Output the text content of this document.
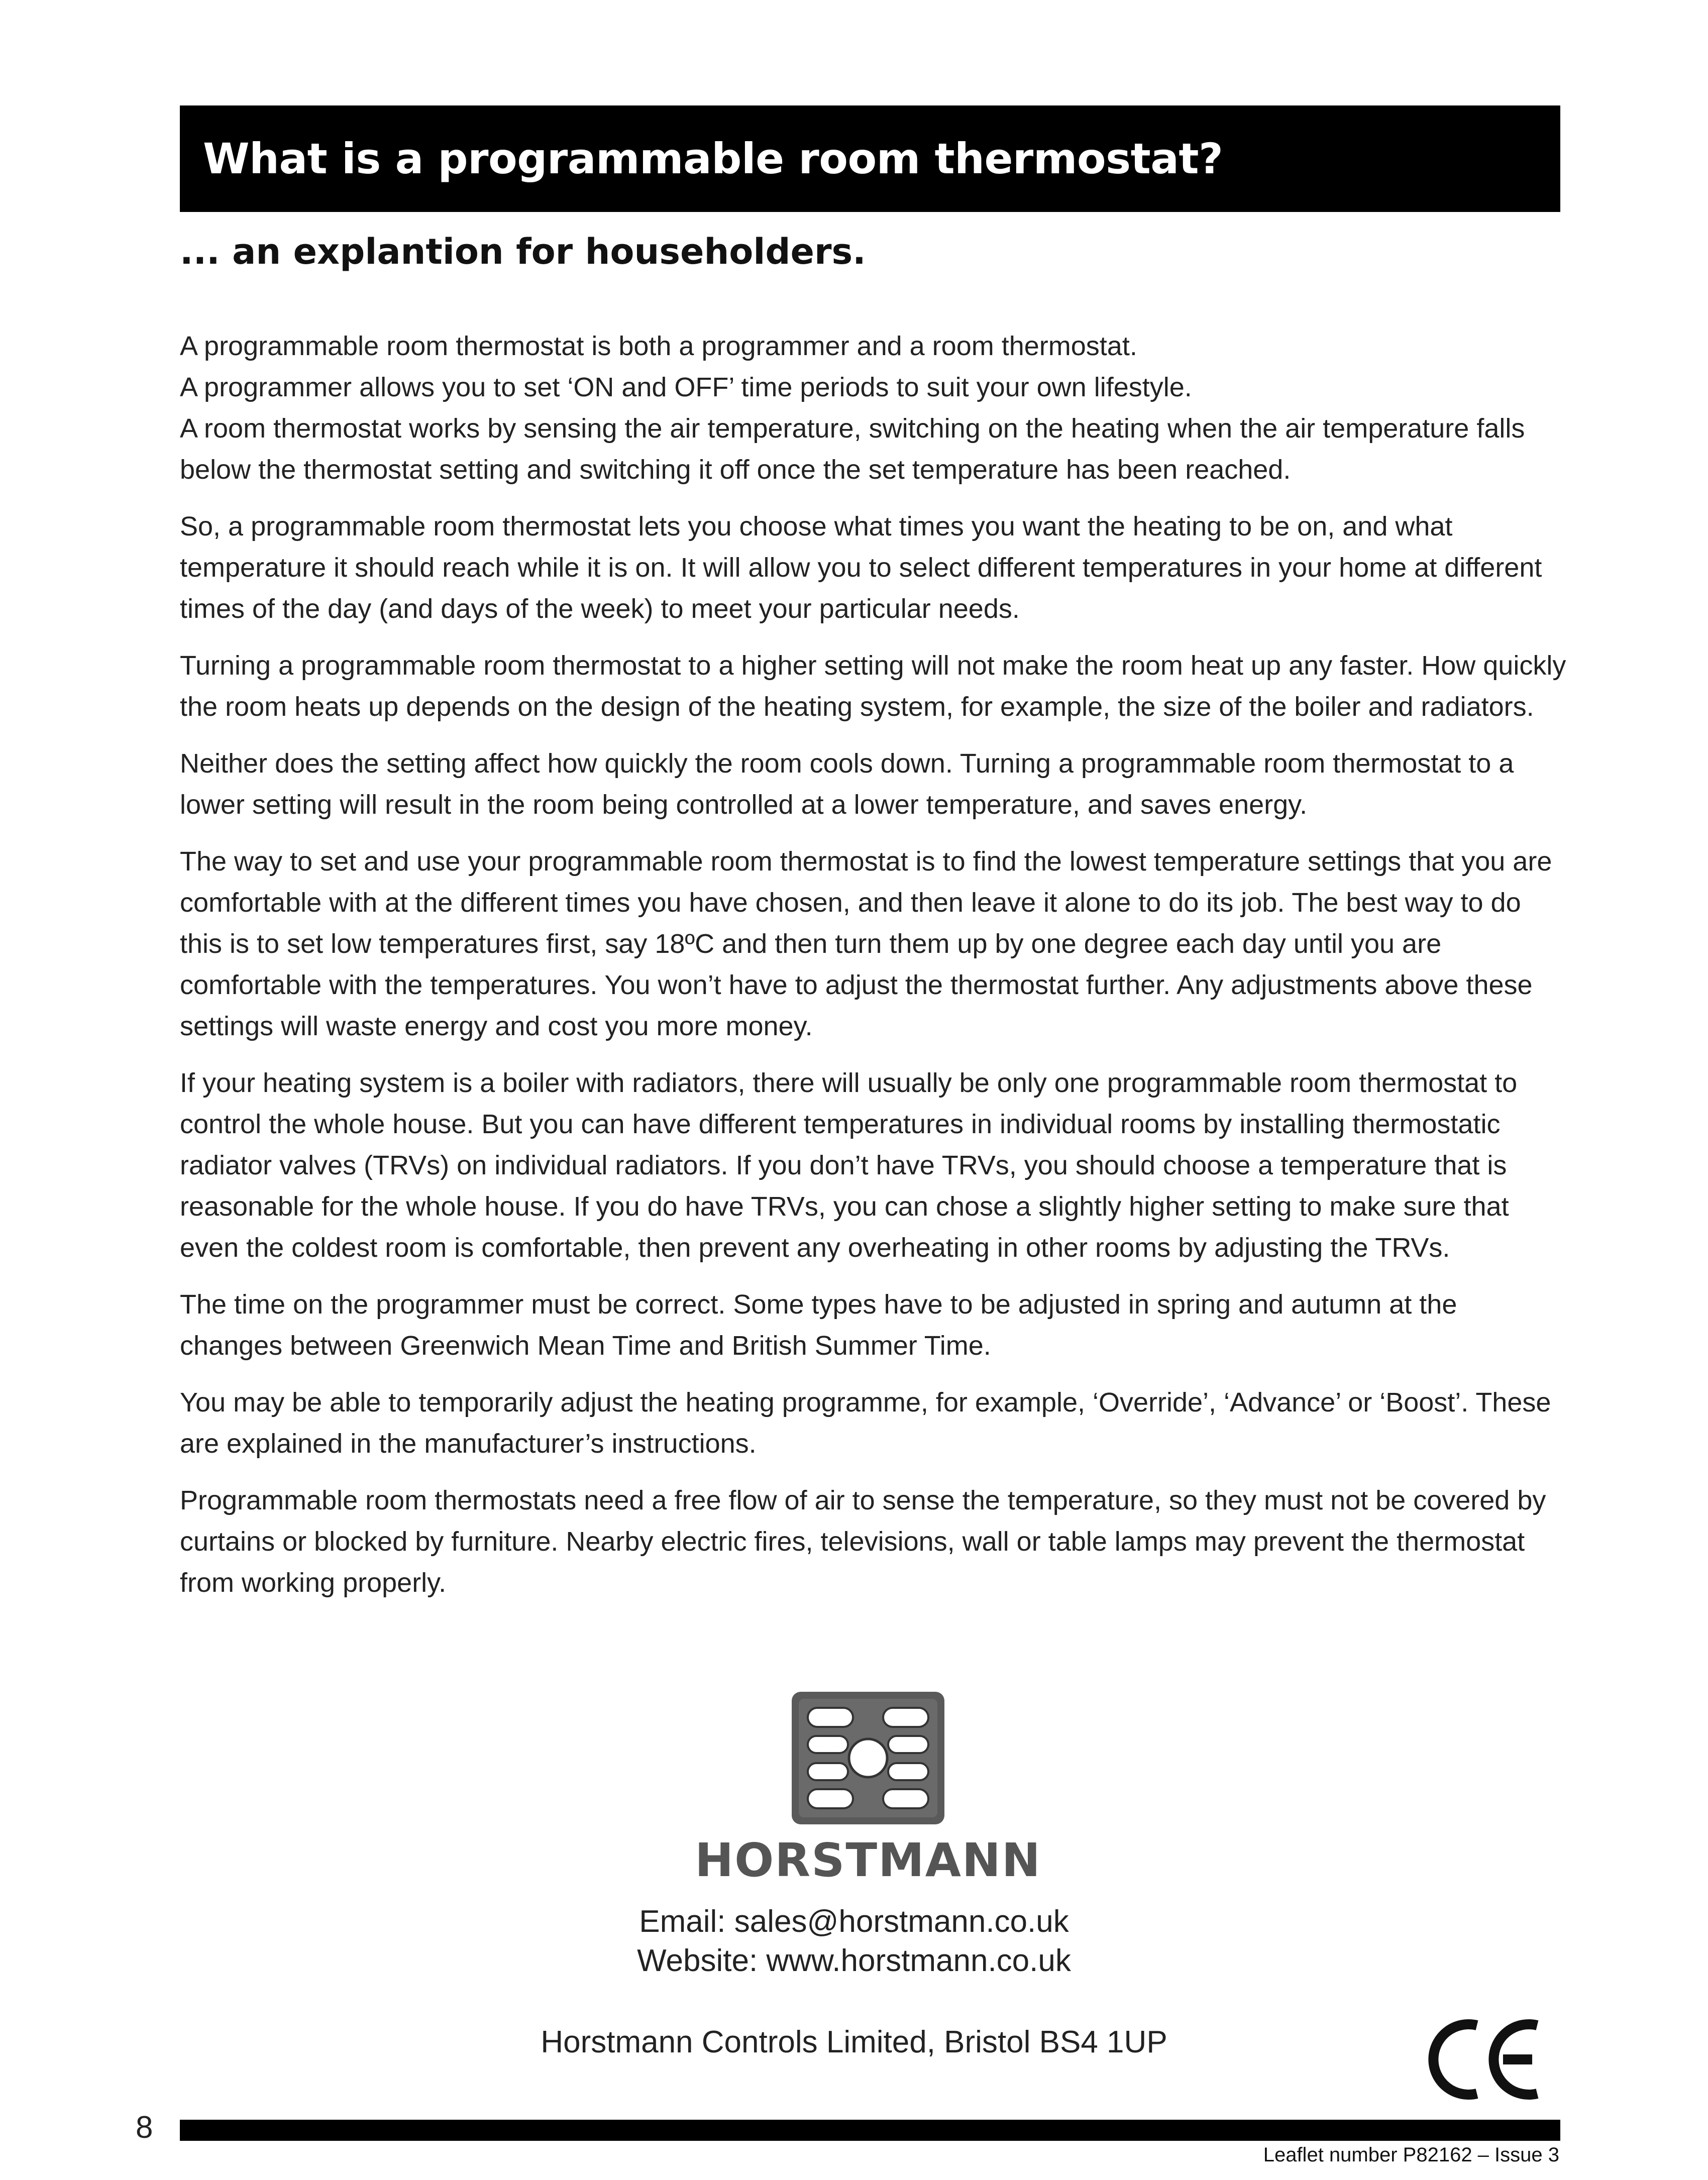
What is a programmable room thermostat?
... an explantion for householders.

A programmable room thermostat is both a programmer and a room thermostat.
A programmer allows you to set ‘ON and OFF’ time periods to suit your own lifestyle.
A room thermostat works by sensing the air temperature, switching on the heating when the air temperature falls below the thermostat setting and switching it off once the set temperature has been reached.

So, a programmable room thermostat lets you choose what times you want the heating to be on, and what temperature it should reach while it is on. It will allow you to select different temperatures in your home at different times of the day (and days of the week) to meet your particular needs.

Turning a programmable room thermostat to a higher setting will not make the room heat up any faster. How quickly the room heats up depends on the design of the heating system, for example, the size of the boiler and radiators.

Neither does the setting affect how quickly the room cools down. Turning a programmable room thermostat to a lower setting will result in the room being controlled at a lower temperature, and saves energy.

The way to set and use your programmable room thermostat is to find the lowest temperature settings that you are comfortable with at the different times you have chosen, and then leave it alone to do its job. The best way to do this is to set low temperatures first, say 18ºC and then turn them up by one degree each day until you are comfortable with the temperatures. You won’t have to adjust the thermostat further. Any adjustments above these settings will waste energy and cost you more money.

If your heating system is a boiler with radiators, there will usually be only one programmable room thermostat to control the whole house. But you can have different temperatures in individual rooms by installing thermostatic radiator valves (TRVs) on individual radiators. If you don’t have TRVs, you should choose a temperature that is reasonable for the whole house. If you do have TRVs, you can chose a slightly higher setting to make sure that even the coldest room is comfortable, then prevent any overheating in other rooms by adjusting the TRVs.

The time on the programmer must be correct. Some types have to be adjusted in spring and autumn at the changes between Greenwich Mean Time and British Summer Time.

You may be able to temporarily adjust the heating programme, for example, ‘Override’, ‘Advance’ or ‘Boost’. These are explained in the manufacturer’s instructions.

Programmable room thermostats need a free flow of air to sense the temperature, so they must not be covered by curtains or blocked by furniture. Nearby electric fires, televisions, wall or table lamps may prevent the thermostat from working properly.

HORSTMANN
Email: sales@horstmann.co.uk
Website: www.horstmann.co.uk
Horstmann Controls Limited, Bristol BS4 1UP
8
Leaflet number P82162 – Issue 3
